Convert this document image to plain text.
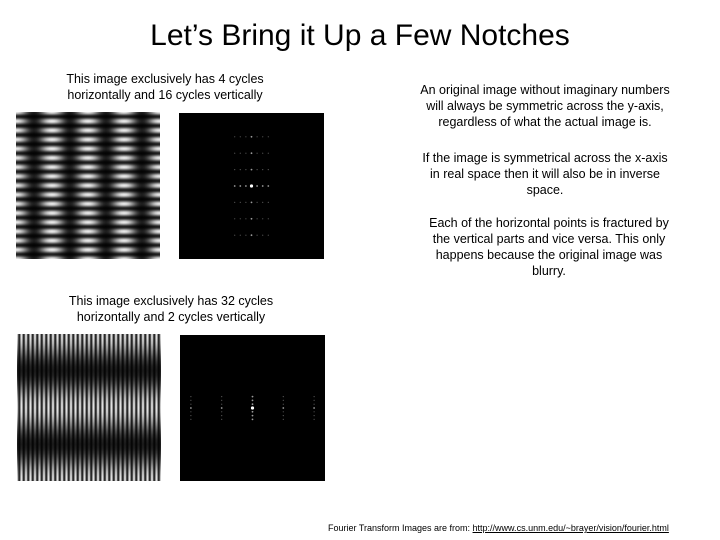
Let’s Bring it Up a Few Notches
This image exclusively has 4 cycles
horizontally and 16 cycles vertically	An original image without imaginary numbers
will always be symmetric across the y-axis,
regardless of what the actual image is.
If the image is symmetrical across the x-axis
in real space then it will also be in inverse
space.
Each of the horizontal points is fractured by
the vertical parts and vice versa. This only
happens because the original image was
blurry.
This image exclusively has 32 cycles
horizontally and 2 cycles vertically
Fourier Transform Images are from: http://www.cs.unm.edu/~brayer/vision/fourier.html
